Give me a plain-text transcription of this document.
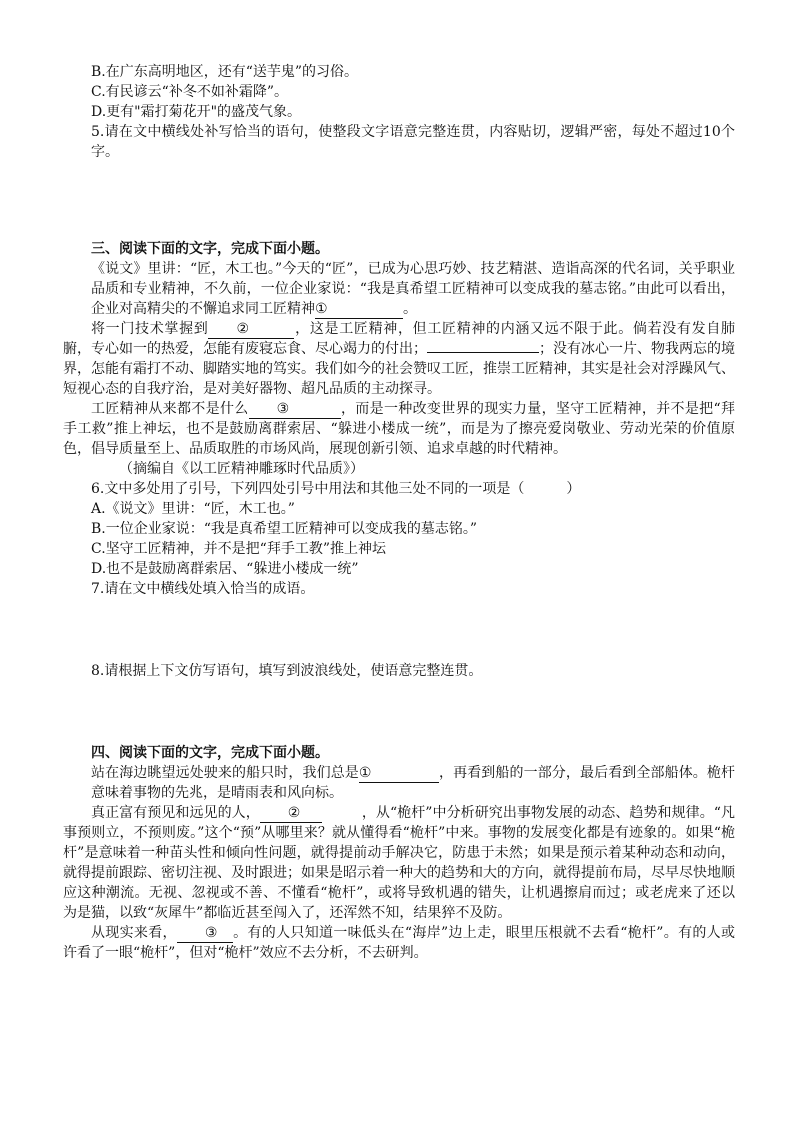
B.在广东高明地区，还有“送芋鬼”的习俗。

C.有民谚云“补冬不如补霜降”。

D.更有"霜打菊花开"的盛茂气象。

5.请在文中横线处补写恰当的语句，使整段文字语意完整连贯，内容贴切，逻辑严密，每处不超过10个字。

三、阅读下面的文字，完成下面小题。

《说文》里讲：“匠，木工也。”今天的“匠”，已成为心思巧妙、技艺精湛、造诣高深的代名词，关乎职业品质和专业精神，不久前，一位企业家说：“我是真希望工匠精神可以变成我的墓志铭。”由此可以看出，企业对高精尖的不懈追求同工匠精神①	。

将一门技术掌握到 ②	，这是工匠精神，但工匠精神的内涵又远不限于此。倘若没有发自肺腑，专心如一的热爱，怎能有废寝忘食、尽心竭力的付出；	；没有冰心一片、物我两忘的境界，怎能有霜打不动、脚踏实地的笃实。我们如今的社会赞叹工匠，推崇工匠精神，其实是社会对浮躁风气、短视心态的自我疗治，是对美好器物、超凡品质的主动探寻。

工匠精神从来都不是什么 ③	，而是一种改变世界的现实力量，坚守工匠精神，并不是把“拜手工救”推上神坛，也不是鼓励离群索居、“躲进小楼成一统”，而是为了擦亮爱岗敬业、劳动光荣的价值原色，倡导质量至上、品质取胜的市场风尚，展现创新引领、追求卓越的时代精神。

（摘编自《以工匠精神雕琢时代品质》）

6.文中多处用了引号，下列四处引号中用法和其他三处不同的一项是（　　　）

A.《说文》里讲：“匠，木工也。”

B.一位企业家说：“我是真希望工匠精神可以变成我的墓志铭。”

C.坚守工匠精神，并不是把“拜手工教”推上神坛

D.也不是鼓励离群索居、“躲进小楼成一统”

7.请在文中横线处填入恰当的成语。

8.请根据上下文仿写语句，填写到波浪线处，使语意完整连贯。

四、阅读下面的文字，完成下面小题。

站在海边眺望远处驶来的船只时，我们总是①	，再看到船的一部分，最后看到全部船体。桅杆意味着事物的先兆，是晴雨表和风向标。

真正富有预见和远见的人， ②	，从“桅杆”中分析研究出事物发展的动态、趋势和规律。“凡事预则立，不预则废。”这个“预”从哪里来？就从懂得看“桅杆”中来。事物的发展变化都是有迹象的。如果“桅杆”是意味着一种苗头性和倾向性问题，就得提前动手解决它，防患于未然；如果是预示着某种动态和动向，就得提前跟踪、密切注视、及时跟进；如果是昭示着一种大的趋势和大的方向，就得提前布局，尽早尽快地顺应这种潮流。无视、忽视或不善、不懂看“桅杆”，或将导致机遇的错失，让机遇擦肩而过；或老虎来了还以为是猫，以致“灰犀牛”都临近甚至闯入了，还浑然不知，结果猝不及防。

从现实来看， ③ 。有的人只知道一味低头在“海岸”边上走，眼里压根就不去看“桅杆”。有的人或许看了一眼“桅杆”，但对“桅杆”效应不去分析，不去研判。
